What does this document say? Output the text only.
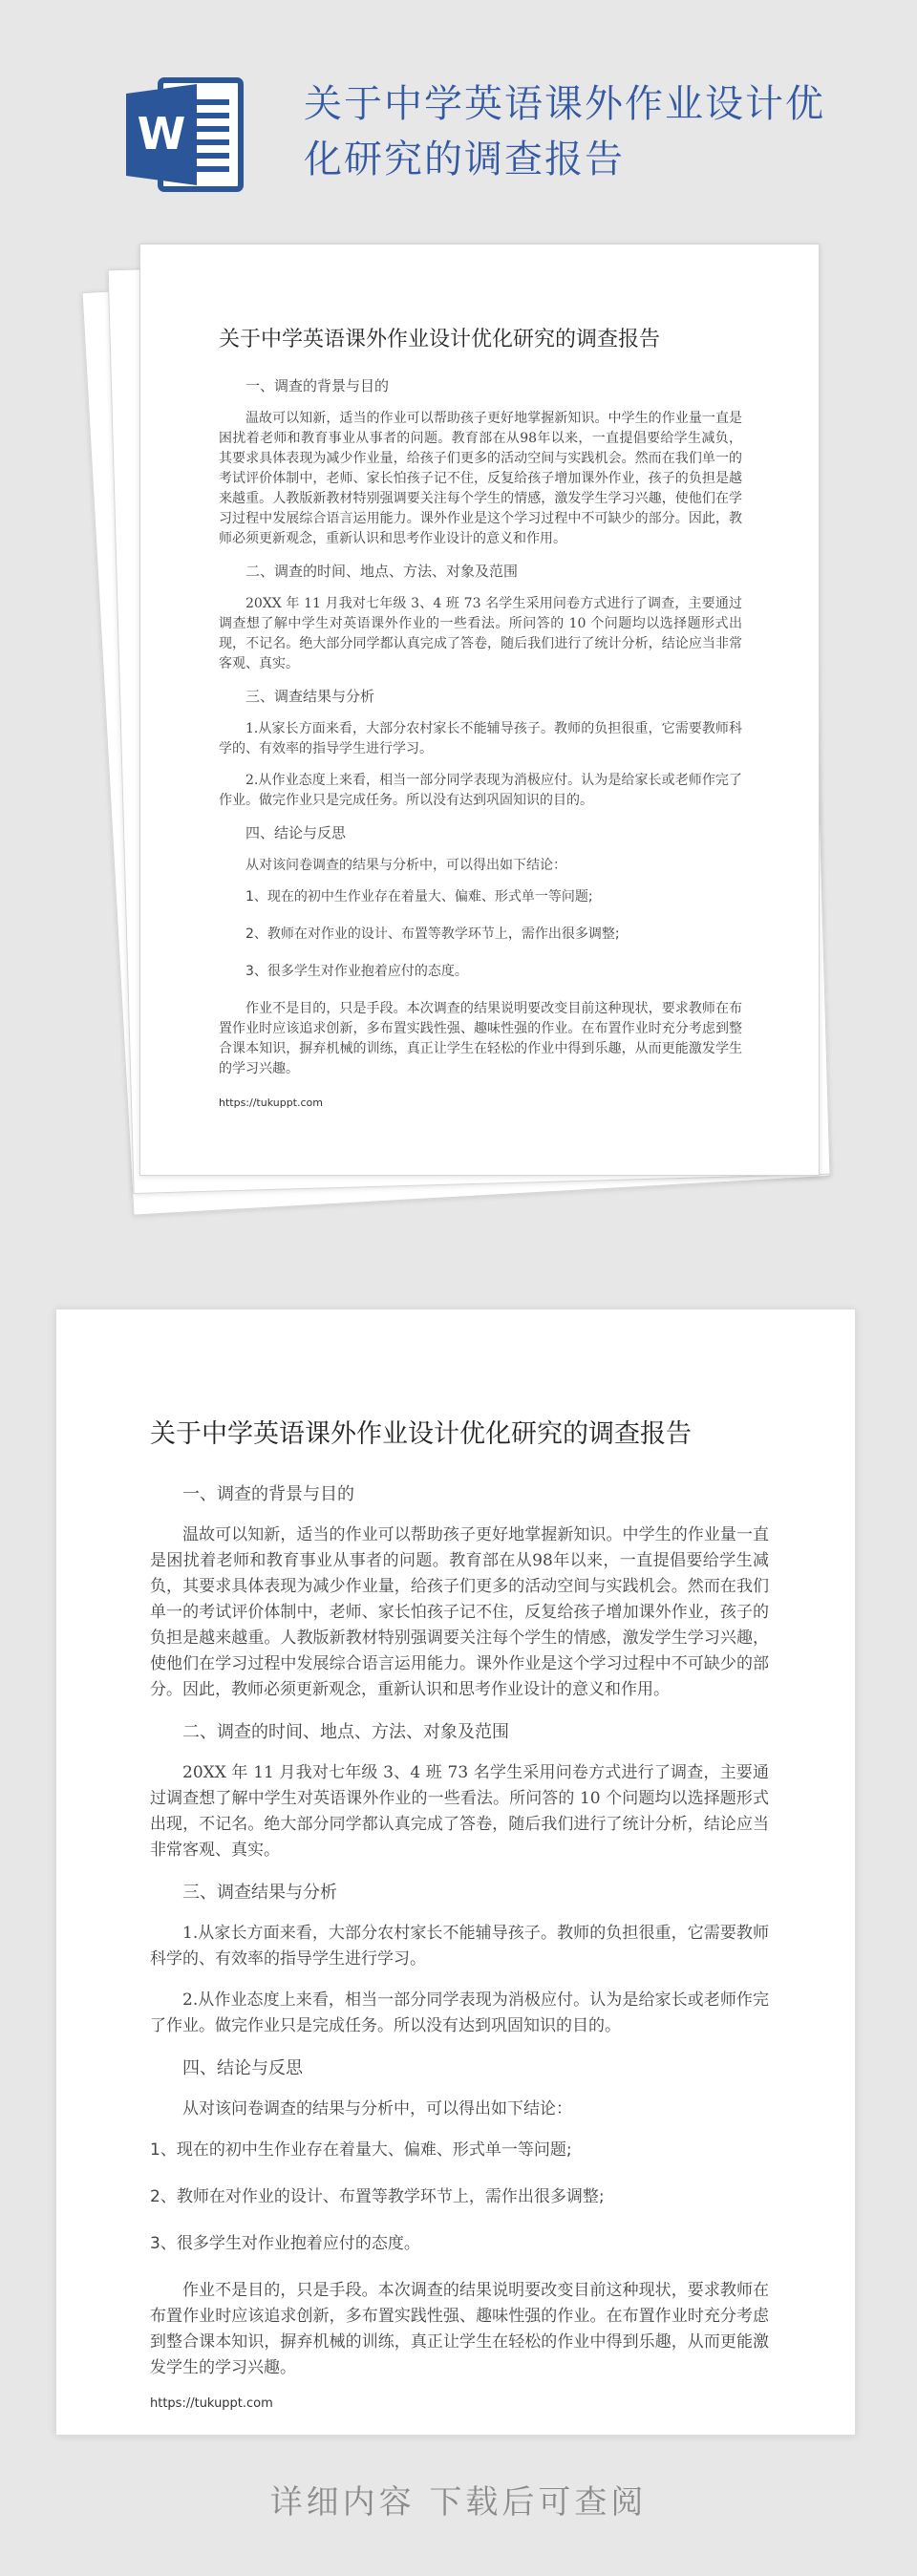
W
关于中学英语课外作业设计优化研究的调查报告
关于中学英语课外作业设计优化研究的调查报告
一、调查的背景与目的
温故可以知新，适当的作业可以帮助孩子更好地掌握新知识。中学生的作业量一直是困扰着老师和教育事业从事者的问题。教育部在从98年以来，一直提倡要给学生减负，其要求具体表现为减少作业量，给孩子们更多的活动空间与实践机会。然而在我们单一的考试评价体制中，老师、家长怕孩子记不住，反复给孩子增加课外作业，孩子的负担是越来越重。人教版新教材特别强调要关注每个学生的情感，激发学生学习兴趣，使他们在学习过程中发展综合语言运用能力。课外作业是这个学习过程中不可缺少的部分。因此，教师必须更新观念，重新认识和思考作业设计的意义和作用。
二、调查的时间、地点、方法、对象及范围
20XX 年 11 月我对七年级 3、4 班 73 名学生采用问卷方式进行了调查，主要通过调查想了解中学生对英语课外作业的一些看法。所问答的 10 个问题均以选择题形式出现，不记名。绝大部分同学都认真完成了答卷，随后我们进行了统计分析，结论应当非常客观、真实。
三、调查结果与分析
1.从家长方面来看，大部分农村家长不能辅导孩子。教师的负担很重，它需要教师科学的、有效率的指导学生进行学习。
2.从作业态度上来看，相当一部分同学表现为消极应付。认为是给家长或老师作完了作业。做完作业只是完成任务。所以没有达到巩固知识的目的。
四、结论与反思
从对该问卷调查的结果与分析中，可以得出如下结论：
1、现在的初中生作业存在着量大、偏难、形式单一等问题;
2、教师在对作业的设计、布置等教学环节上，需作出很多调整;
3、很多学生对作业抱着应付的态度。
作业不是目的，只是手段。本次调查的结果说明要改变目前这种现状，要求教师在布置作业时应该追求创新，多布置实践性强、趣味性强的作业。在布置作业时充分考虑到整合课本知识，摒弃机械的训练，真正让学生在轻松的作业中得到乐趣，从而更能激发学生的学习兴趣。
https://tukuppt.com
关于中学英语课外作业设计优化研究的调查报告
一、调查的背景与目的
温故可以知新，适当的作业可以帮助孩子更好地掌握新知识。中学生的作业量一直是困扰着老师和教育事业从事者的问题。教育部在从98年以来，一直提倡要给学生减负，其要求具体表现为减少作业量，给孩子们更多的活动空间与实践机会。然而在我们单一的考试评价体制中，老师、家长怕孩子记不住，反复给孩子增加课外作业，孩子的负担是越来越重。人教版新教材特别强调要关注每个学生的情感，激发学生学习兴趣，使他们在学习过程中发展综合语言运用能力。课外作业是这个学习过程中不可缺少的部分。因此，教师必须更新观念，重新认识和思考作业设计的意义和作用。
二、调查的时间、地点、方法、对象及范围
20XX 年 11 月我对七年级 3、4 班 73 名学生采用问卷方式进行了调查，主要通过调查想了解中学生对英语课外作业的一些看法。所问答的 10 个问题均以选择题形式出现，不记名。绝大部分同学都认真完成了答卷，随后我们进行了统计分析，结论应当非常客观、真实。
三、调查结果与分析
1.从家长方面来看，大部分农村家长不能辅导孩子。教师的负担很重，它需要教师科学的、有效率的指导学生进行学习。
2.从作业态度上来看，相当一部分同学表现为消极应付。认为是给家长或老师作完了作业。做完作业只是完成任务。所以没有达到巩固知识的目的。
四、结论与反思
从对该问卷调查的结果与分析中，可以得出如下结论：
1、现在的初中生作业存在着量大、偏难、形式单一等问题;
2、教师在对作业的设计、布置等教学环节上，需作出很多调整;
3、很多学生对作业抱着应付的态度。
作业不是目的，只是手段。本次调查的结果说明要改变目前这种现状，要求教师在布置作业时应该追求创新，多布置实践性强、趣味性强的作业。在布置作业时充分考虑到整合课本知识，摒弃机械的训练，真正让学生在轻松的作业中得到乐趣，从而更能激发学生的学习兴趣。
https://tukuppt.com
详细内容 下载后可查阅
